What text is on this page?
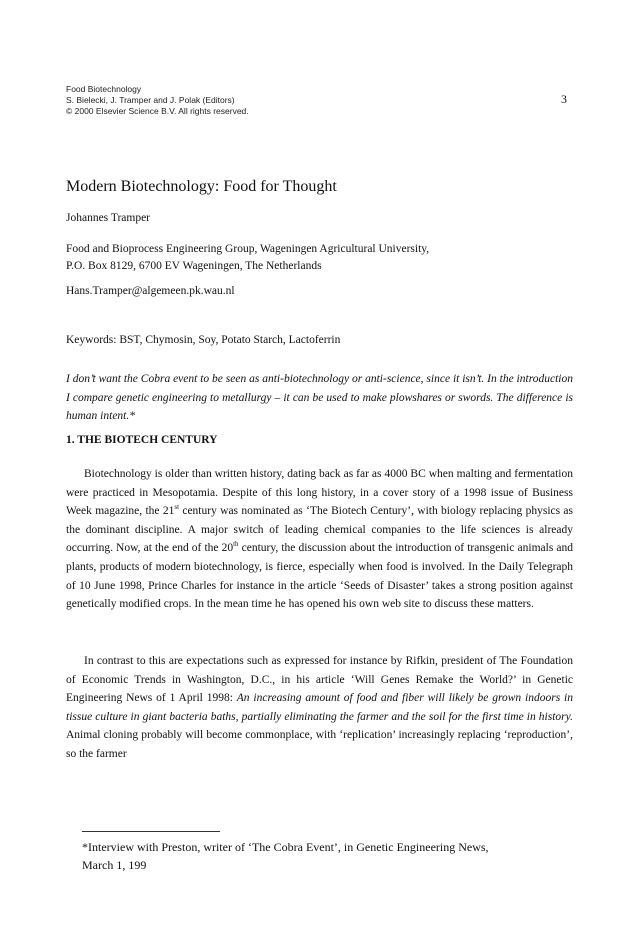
Food Biotechnology
S. Bielecki, J. Tramper and J. Polak (Editors)
© 2000 Elsevier Science B.V. All rights reserved.
3
Modern Biotechnology: Food for Thought
Johannes Tramper
Food and Bioprocess Engineering Group, Wageningen Agricultural University,
P.O. Box 8129, 6700 EV Wageningen, The Netherlands
Hans.Tramper@algemeen.pk.wau.nl
Keywords: BST, Chymosin, Soy, Potato Starch, Lactoferrin
I don’t want the Cobra event to be seen as anti-biotechnology or anti-science, since it isn’t. In the introduction I compare genetic engineering to metallurgy – it can be used to make plowshares or swords. The difference is human intent.*
1. THE BIOTECH CENTURY

Biotechnology is older than written history, dating back as far as 4000 BC when malting and fermentation were practiced in Mesopotamia. Despite of this long history, in a cover story of a 1998 issue of Business Week magazine, the 21st century was nominated as ‘The Biotech Century’, with biology replacing physics as the dominant discipline. A major switch of leading chemical companies to the life sciences is already occurring. Now, at the end of the 20th century, the discussion about the introduction of transgenic animals and plants, products of modern biotechnology, is fierce, especially when food is involved. In the Daily Telegraph of 10 June 1998, Prince Charles for instance in the article ‘Seeds of Disaster’ takes a strong position against genetically modified crops. In the mean time he has opened his own web site to discuss these matters.

In contrast to this are expectations such as expressed for instance by Rifkin, president of The Foundation of Economic Trends in Washington, D.C., in his article ‘Will Genes Remake the World?’ in Genetic Engineering News of 1 April 1998: An increasing amount of food and fiber will likely be grown indoors in tissue culture in giant bacteria baths, partially eliminating the farmer and the soil for the first time in history. Animal cloning probably will become commonplace, with ‘replication’ increasingly replacing ‘reproduction’, so the farmer

*Interview with Preston, writer of ‘The Cobra Event’, in Genetic Engineering News,
March 1, 199
